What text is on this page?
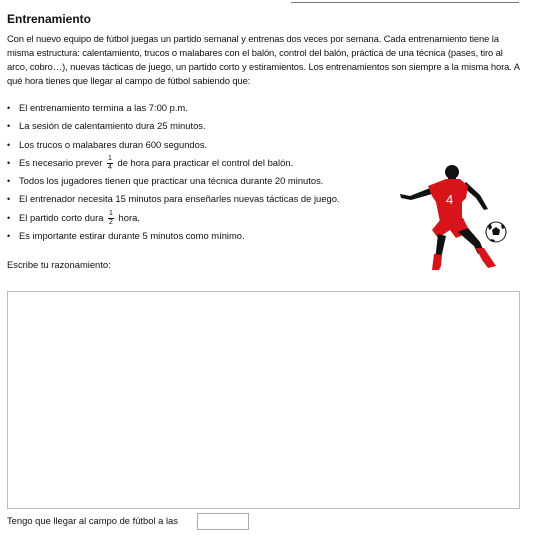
Entrenamiento
Con el nuevo equipo de fútbol juegas un partido semanal y entrenas dos veces por semana. Cada entrenamiento tiene la misma estructura: calentamiento, trucos o malabares con el balón, control del balón, práctica de una técnica (pases, tiro al arco, cobro…), nuevas tácticas de juego, un partido corto y estiramientos. Los entrenamientos son siempre a la misma hora. A qué hora tienes que llegar al campo de fútbol sabiendo que:
• El entrenamiento termina a las 7:00 p.m.
• La sesión de calentamiento dura 25 minutos.
• Los trucos o malabares duran 600 segundos.
• Es necesario prever $\frac{1}{4}$ de hora para practicar el control del balón.
• Todos los jugadores tienen que practicar una técnica durante 20 minutos.
• El entrenador necesita 15 minutos para enseñarles nuevas tácticas de juego.
• El partido corto dura $\frac{1}{2}$ hora.
• Es importante estirar durante 5 minutos como mínimo.
4
Escribe tu razonamiento:
Tengo que llegar al campo de fútbol a las
